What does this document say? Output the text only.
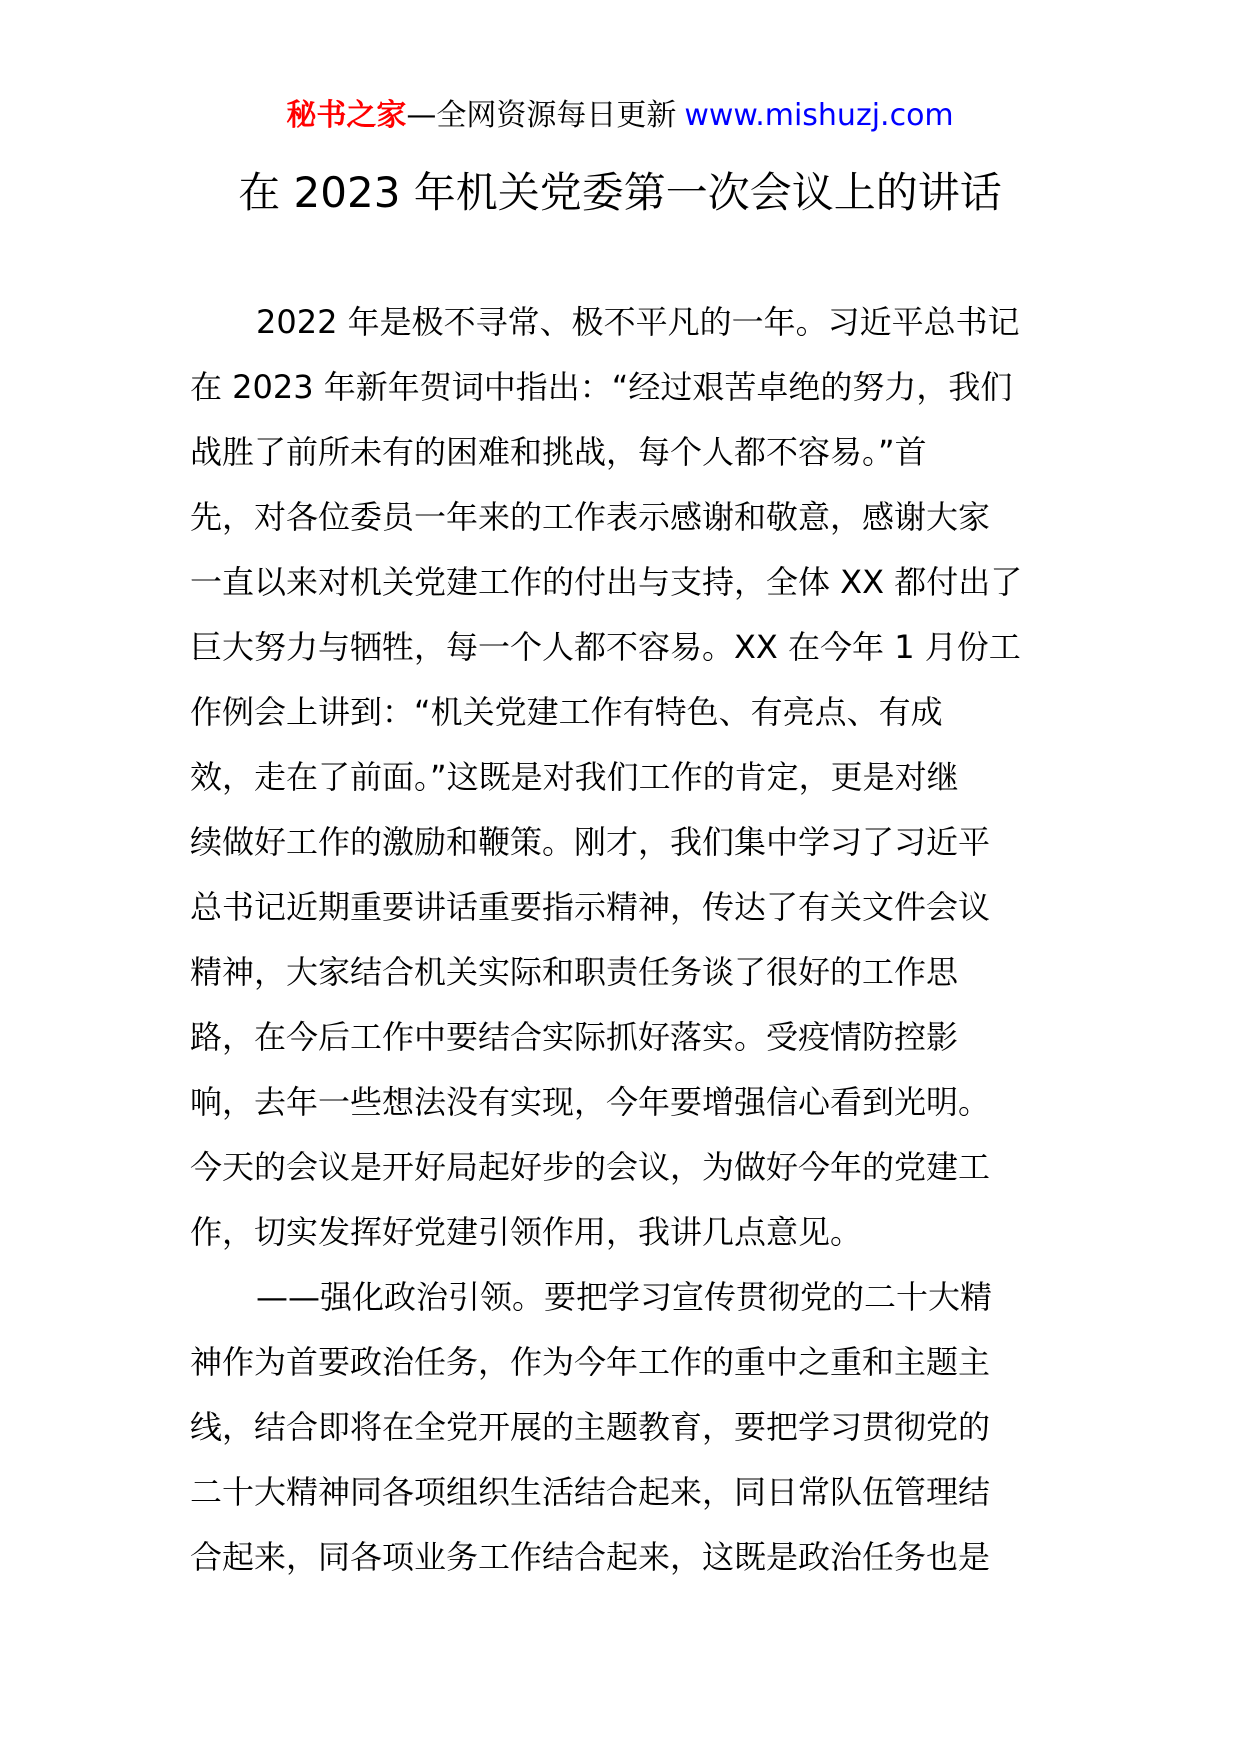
秘书之家—全网资源每日更新 www.mishuzj.com
在 2023 年机关党委第一次会议上的讲话
2022 年是极不寻常、极不平凡的一年。习近平总书记
在 2023 年新年贺词中指出：“经过艰苦卓绝的努力，我们
战胜了前所未有的困难和挑战，每个人都不容易。”首
先，对各位委员一年来的工作表示感谢和敬意，感谢大家
一直以来对机关党建工作的付出与支持，全体 XX 都付出了
巨大努力与牺牲，每一个人都不容易。XX 在今年 1 月份工
作例会上讲到：“机关党建工作有特色、有亮点、有成
效，走在了前面。”这既是对我们工作的肯定，更是对继
续做好工作的激励和鞭策。刚才，我们集中学习了习近平
总书记近期重要讲话重要指示精神，传达了有关文件会议
精神，大家结合机关实际和职责任务谈了很好的工作思
路，在今后工作中要结合实际抓好落实。受疫情防控影
响，去年一些想法没有实现，今年要增强信心看到光明。
今天的会议是开好局起好步的会议，为做好今年的党建工
作，切实发挥好党建引领作用，我讲几点意见。
——强化政治引领。要把学习宣传贯彻党的二十大精
神作为首要政治任务，作为今年工作的重中之重和主题主
线，结合即将在全党开展的主题教育，要把学习贯彻党的
二十大精神同各项组织生活结合起来，同日常队伍管理结
合起来，同各项业务工作结合起来，这既是政治任务也是
